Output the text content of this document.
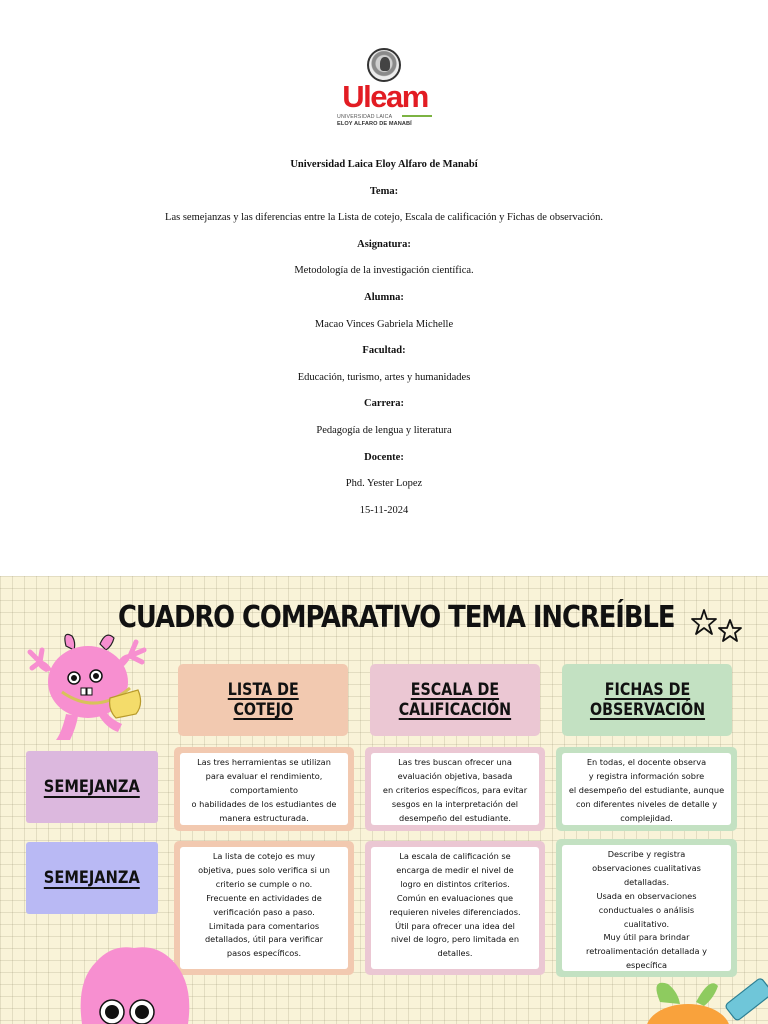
Uleam
UNIVERSIDAD LAICA
ELOY ALFARO DE MANABÍ
Universidad Laica Eloy Alfaro de Manabí
Tema:
Las semejanzas y las diferencias entre la Lista de cotejo, Escala de calificación y Fichas de observación.
Asignatura:
Metodología de la investigación científica.
Alumna:
Macao Vinces Gabriela Michelle
Facultad:
Educación, turismo, artes y humanidades
Carrera:
Pedagogía de lengua y literatura
Docente:
Phd. Yester Lopez
15-11-2024
CUADRO COMPARATIVO TEMA INCREÍBLE
LISTA DE
COTEJO
ESCALA DE
CALIFICACIÓN
FICHAS DE
OBSERVACIÓN
SEMEJANZA
Las tres herramientas se utilizan
para evaluar el rendimiento,
comportamiento
o habilidades de los estudiantes de
manera estructurada.
Las tres buscan ofrecer una
evaluación objetiva, basada
en criterios específicos, para evitar
sesgos en la interpretación del
desempeño del estudiante.
En todas, el docente observa
y registra información sobre
el desempeño del estudiante, aunque
con diferentes niveles de detalle y
complejidad.
SEMEJANZA
La lista de cotejo es muy
objetiva, pues solo verifica si un
criterio se cumple o no.
Frecuente en actividades de
verificación paso a paso.
Limitada para comentarios
detallados, útil para verificar
pasos específicos.
La escala de calificación se
encarga de medir el nivel de
logro en distintos criterios.
Común en evaluaciones que
requieren niveles diferenciados.
Útil para ofrecer una idea del
nivel de logro, pero limitada en
detalles.
Describe y registra
observaciones cualitativas
detalladas.
Usada en observaciones
conductuales o análisis
cualitativo.
Muy útil para brindar
retroalimentación detallada y
específica
